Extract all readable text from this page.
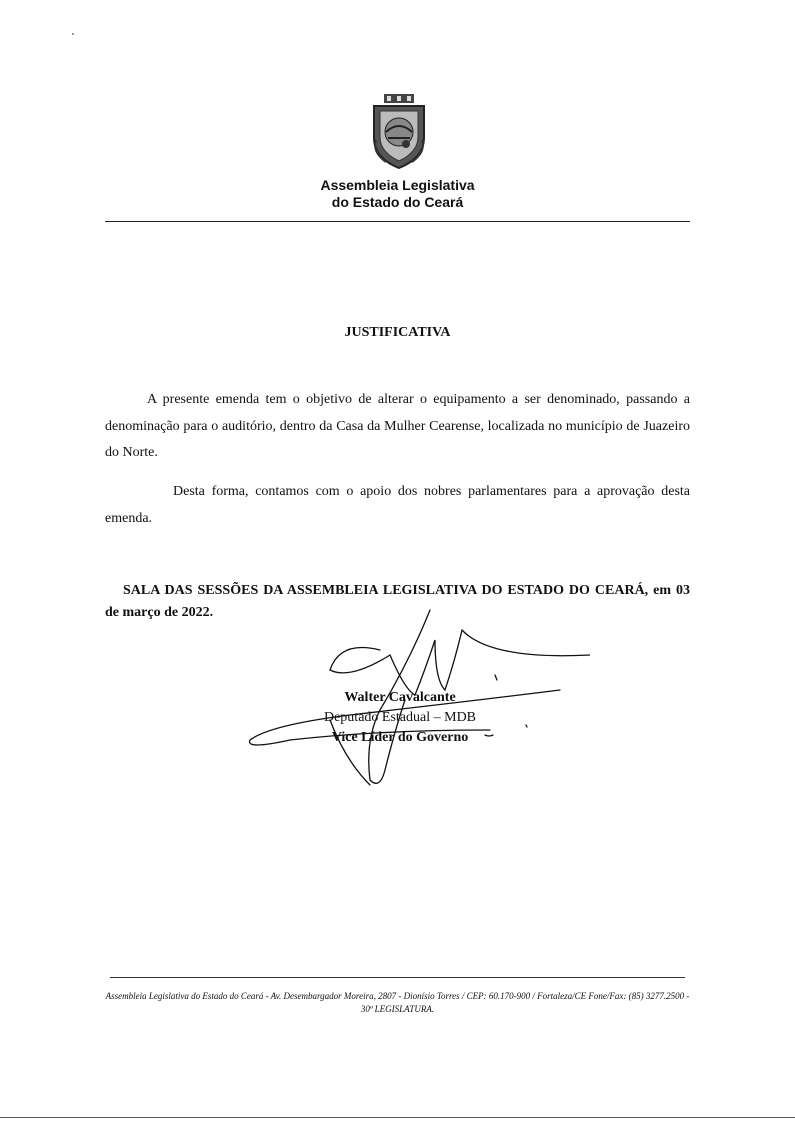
Assembleia Legislativa
do Estado do Ceará
JUSTIFICATIVA
A presente emenda tem o objetivo de alterar o equipamento a ser denominado, passando a denominação para o auditório, dentro da Casa da Mulher Cearense, localizada no município de Juazeiro do Norte.
Desta forma, contamos com o apoio dos nobres parlamentares para a aprovação desta emenda.
SALA DAS SESSÕES DA ASSEMBLEIA LEGISLATIVA DO ESTADO DO CEARÁ, em 03 de março de 2022.
Walter Cavalcante
Deputado Estadual – MDB
Vice Líder do Governo
Assembleia Legislativa do Estado do Ceará - Av. Desembargador Moreira, 2807 - Dionísio Torres / CEP: 60.170-900 / Fortaleza/CE Fone/Fax: (85) 3277.2500 - 30ª LEGISLATURA.
